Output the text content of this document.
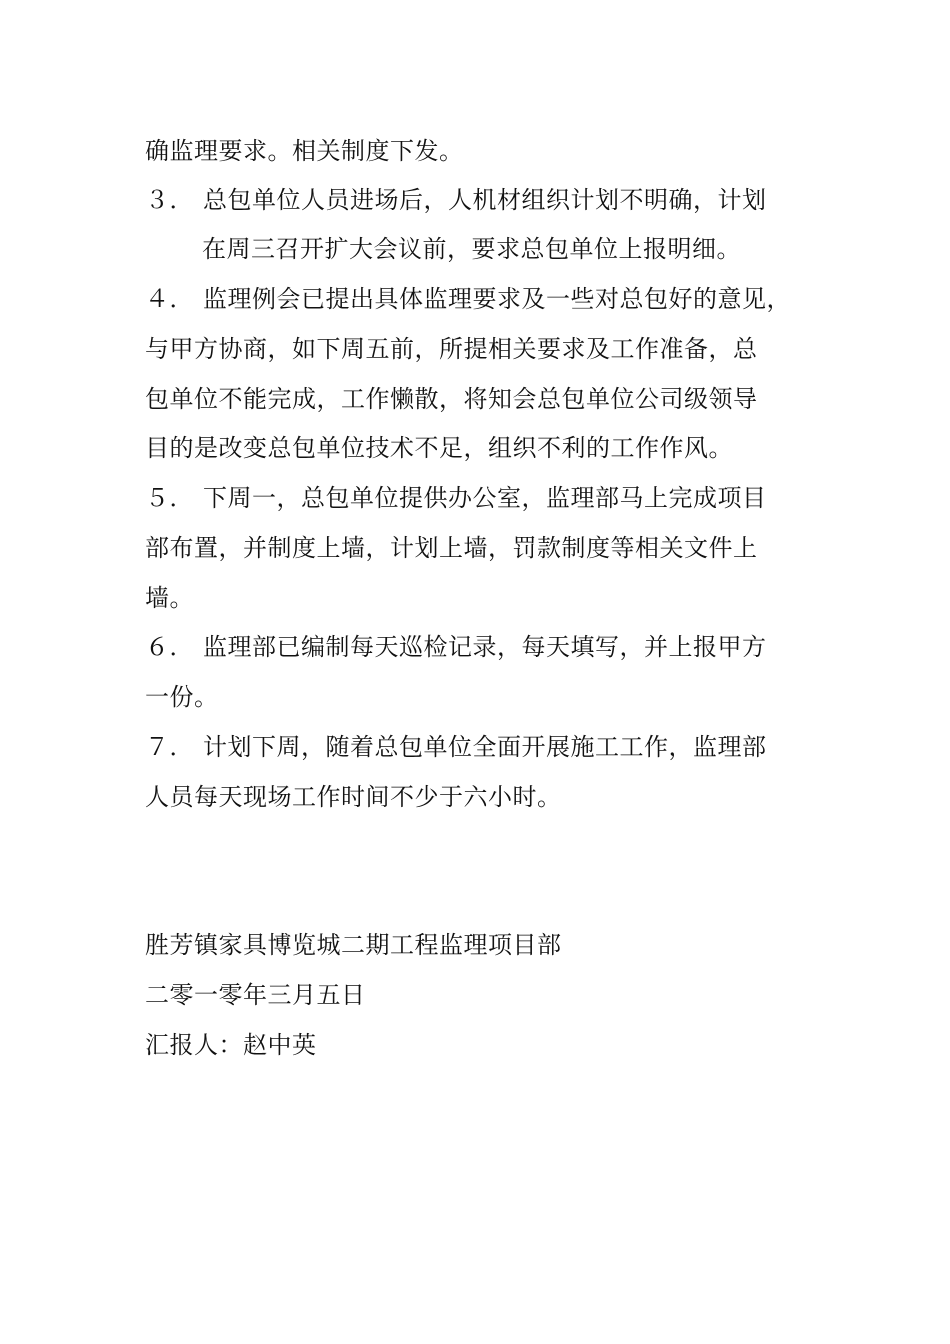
确监理要求。相关制度下发。
３． 总包单位人员进场后，人机材组织计划不明确，计划
在周三召开扩大会议前，要求总包单位上报明细。
４． 监理例会已提出具体监理要求及一些对总包好的意见，
与甲方协商，如下周五前，所提相关要求及工作准备，总
包单位不能完成，工作懒散，将知会总包单位公司级领导
目的是改变总包单位技术不足，组织不利的工作作风。
５． 下周一，总包单位提供办公室，监理部马上完成项目
部布置，并制度上墙，计划上墙，罚款制度等相关文件上
墙。
６． 监理部已编制每天巡检记录，每天填写，并上报甲方
一份。
７． 计划下周，随着总包单位全面开展施工工作，监理部
人员每天现场工作时间不少于六小时。
胜芳镇家具博览城二期工程监理项目部
二零一零年三月五日
汇报人：赵中英
